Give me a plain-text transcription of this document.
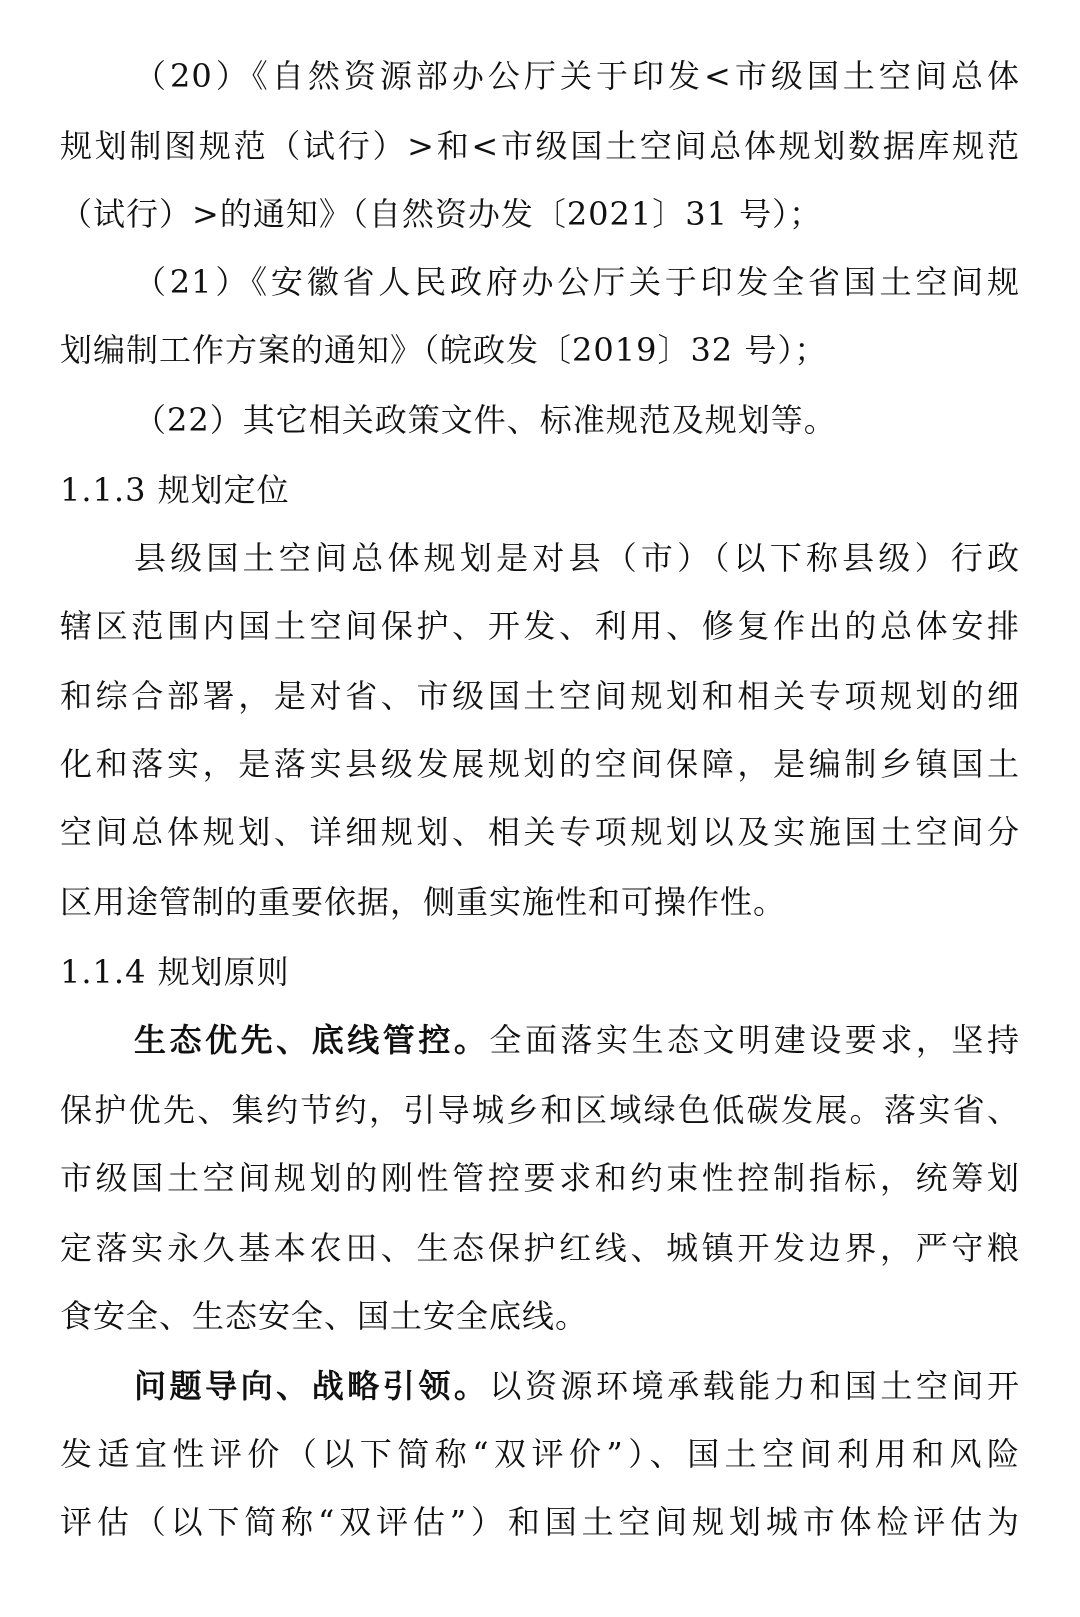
（20）《自然资源部办公厅关于印发<市级国土空间总体
规划制图规范（试行）>和<市级国土空间总体规划数据库规范
（试行）>的通知》（自然资办发〔2021〕31 号）；
（21）《安徽省人民政府办公厅关于印发全省国土空间规
划编制工作方案的通知》（皖政发〔2019〕32 号）；
（22）其它相关政策文件、标准规范及规划等。
1.1.3 规划定位
县级国土空间总体规划是对县（市）（以下称县级）行政
辖区范围内国土空间保护、开发、利用、修复作出的总体安排
和综合部署，是对省、市级国土空间规划和相关专项规划的细
化和落实，是落实县级发展规划的空间保障，是编制乡镇国土
空间总体规划、详细规划、相关专项规划以及实施国土空间分
区用途管制的重要依据，侧重实施性和可操作性。
1.1.4 规划原则
生态优先、底线管控。全面落实生态文明建设要求，坚持
保护优先、集约节约，引导城乡和区域绿色低碳发展。落实省、
市级国土空间规划的刚性管控要求和约束性控制指标，统筹划
定落实永久基本农田、生态保护红线、城镇开发边界，严守粮
食安全、生态安全、国土安全底线。
问题导向、战略引领。以资源环境承载能力和国土空间开
发适宜性评价（以下简称“双评价”）、国土空间利用和风险
评估（以下简称“双评估”）和国土空间规划城市体检评估为
